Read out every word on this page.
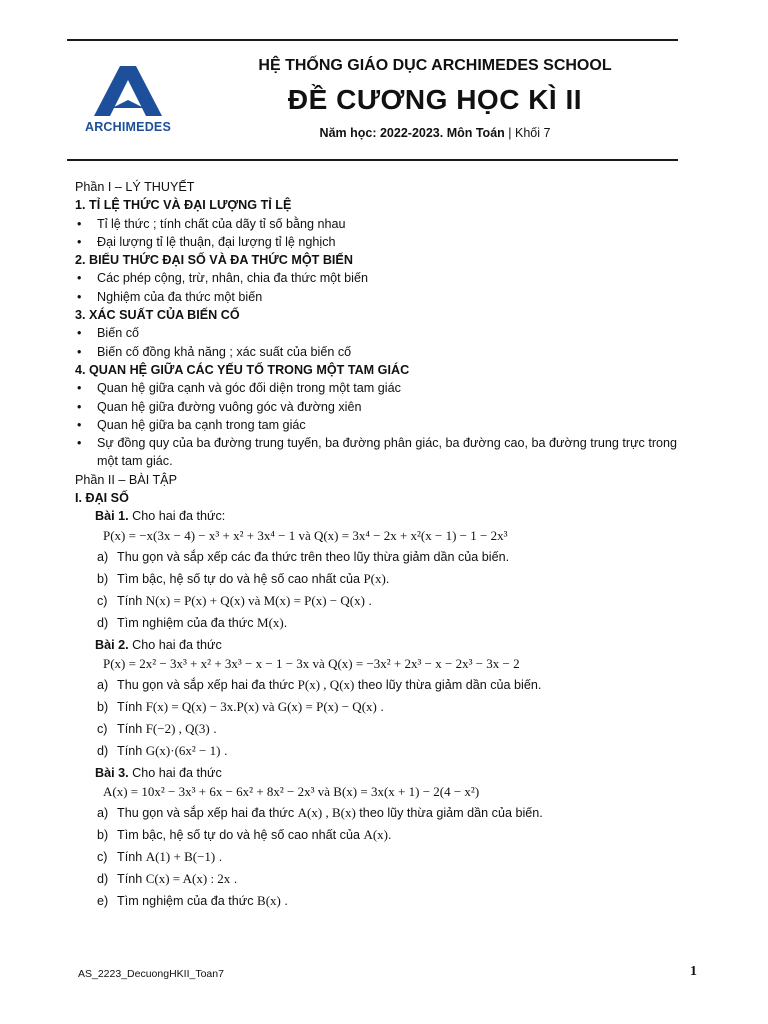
ARCHIMEDES
HỆ THỐNG GIÁO DỤC ARCHIMEDES SCHOOL
ĐỀ CƯƠNG HỌC KÌ II
Năm học: 2022-2023. Môn Toán | Khối 7
Phần I – LÝ THUYẾT
1. TỈ LỆ THỨC VÀ ĐẠI LƯỢNG TỈ LỆ
• Tỉ lệ thức ; tính chất của dãy tỉ số bằng nhau
• Đại lượng tỉ lệ thuận, đại lượng tỉ lệ nghịch
2. BIỂU THỨC ĐẠI SỐ VÀ ĐA THỨC MỘT BIẾN
• Các phép cộng, trừ, nhân, chia đa thức một biến
• Nghiệm của đa thức một biến
3. XÁC SUẤT CỦA BIẾN CỐ
• Biến cố
• Biến cố đồng khả năng ; xác suất của biến cố
4. QUAN HỆ GIỮA CÁC YẾU TỐ TRONG MỘT TAM GIÁC
• Quan hệ giữa cạnh và góc đối diện trong một tam giác
• Quan hệ giữa đường vuông góc và đường xiên
• Quan hệ giữa ba cạnh trong tam giác
• Sự đồng quy của ba đường trung tuyến, ba đường phân giác, ba đường cao, ba đường trung trực trong một tam giác.
Phần II – BÀI TẬP
I. ĐẠI SỐ
Bài 1. Cho hai đa thức:
P(x) = −x(3x − 4) − x³ + x² + 3x⁴ − 1 và Q(x) = 3x⁴ − 2x + x²(x − 1) − 1 − 2x³
a) Thu gọn và sắp xếp các đa thức trên theo lũy thừa giảm dần của biến.
b) Tìm bậc, hệ số tự do và hệ số cao nhất của P(x).
c) Tính N(x) = P(x) + Q(x) và M(x) = P(x) − Q(x) .
d) Tìm nghiệm của đa thức M(x).
Bài 2. Cho hai đa thức
P(x) = 2x² − 3x³ + x² + 3x³ − x − 1 − 3x và Q(x) = −3x² + 2x³ − x − 2x³ − 3x − 2
a) Thu gọn và sắp xếp hai đa thức P(x) , Q(x) theo lũy thừa giảm dần của biến.
b) Tính F(x) = Q(x) − 3x.P(x) và G(x) = P(x) − Q(x) .
c) Tính F(−2) , Q(3) .
d) Tính G(x)·(6x² − 1) .
Bài 3. Cho hai đa thức
A(x) = 10x² − 3x³ + 6x − 6x² + 8x² − 2x³ và B(x) = 3x(x + 1) − 2(4 − x²)
a) Thu gọn và sắp xếp hai đa thức A(x) , B(x) theo lũy thừa giảm dần của biến.
b) Tìm bậc, hệ số tự do và hệ số cao nhất của A(x).
c) Tính A(1) + B(−1) .
d) Tính C(x) = A(x) : 2x .
e) Tìm nghiệm của đa thức B(x) .
AS_2223_DecuongHKII_Toan7	1
